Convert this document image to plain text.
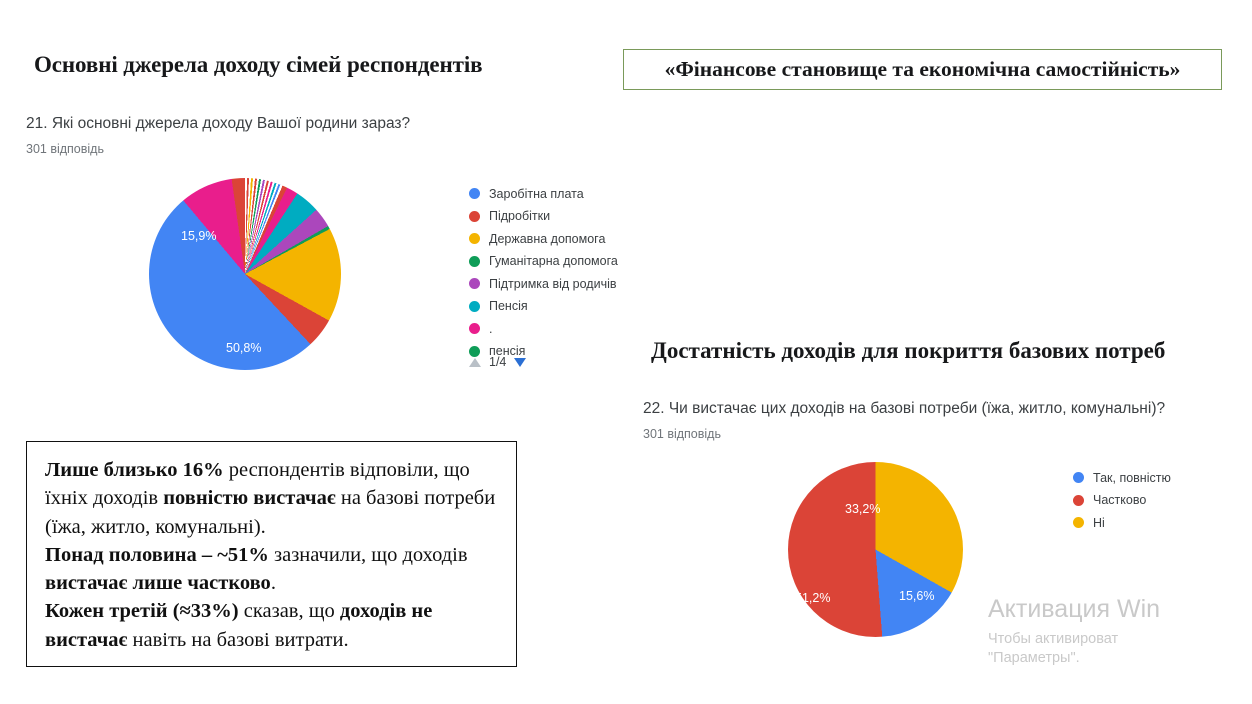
Основні джерела доходу сімей респондентів	«Фінансове становище та економічна самостійність»
21. Які основні джерела доходу Вашої родини зараз?
301 відповідь
50,8%
15,9%
Заробітна плата
Підробітки
Державна допомога
Гуманітарна допомога
Підтримка від родичів
Пенсія
.
пенсія
1/4	Достатність доходів для покриття базових потреб
22. Чи вистачає цих доходів на базові потреби (їжа, житло, комунальні)?
301 відповідь
33,2%
15,6%
51,2%
Так, повністю
Частково
Ні

Лише близько 16% респондентів відповіли, що їхніх доходів повністю вистачає на базові потреби (їжа, житло, комунальні).

Понад половина – ~51% зазначили, що доходів вистачає лише частково.

Кожен третій (≈33%) сказав, що доходів не вистачає навіть на базові витрати.

Активация Win
Чтобы активироват
"Параметры".
